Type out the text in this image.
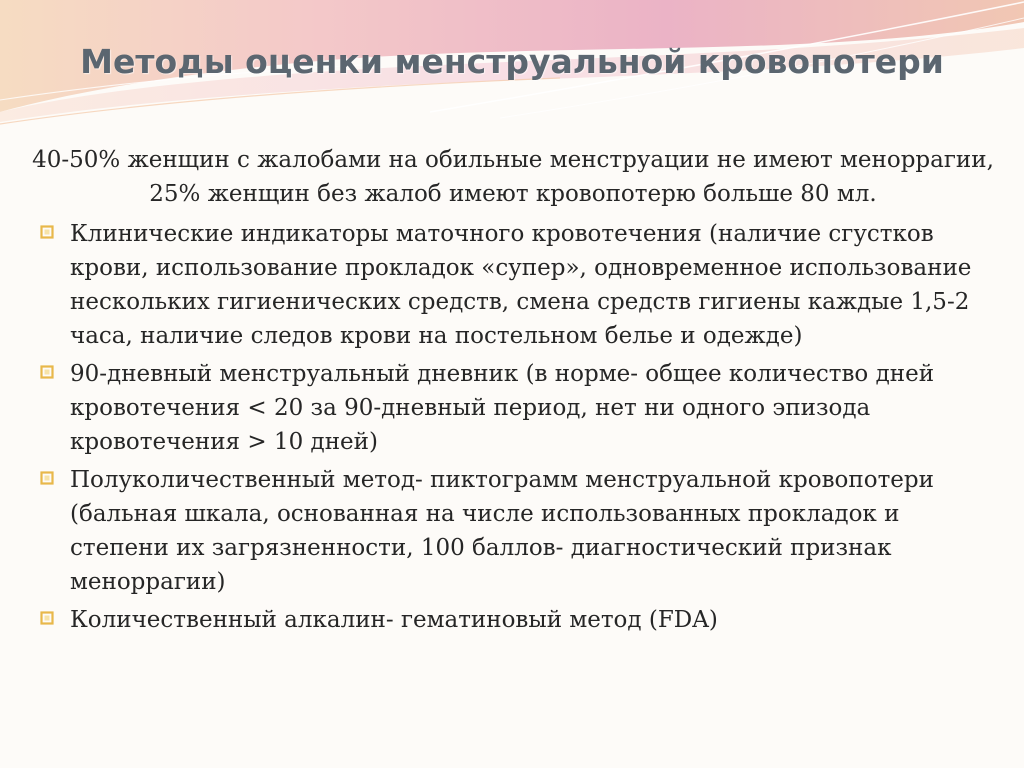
Методы оценки менструальной кровопотери

40-50% женщин с жалобами на обильные менструации не имеют меноррагии, 25% женщин без жалоб имеют кровопотерю больше 80 мл.

Клинические индикаторы маточного кровотечения (наличие сгустков крови, использование прокладок «супер», одновременное использование нескольких гигиенических средств, смена средств гигиены каждые 1,5-2 часа, наличие следов крови на постельном белье и одежде)
90-дневный менструальный дневник (в норме- общее количество дней кровотечения < 20 за 90-дневный период, нет ни одного эпизода кровотечения > 10 дней)
Полуколичественный метод- пиктограмм менструальной кровопотери (бальная шкала, основанная на числе использованных прокладок и степени их загрязненности, 100 баллов- диагностический признак меноррагии)
Количественный алкалин- гематиновый метод (FDA)
